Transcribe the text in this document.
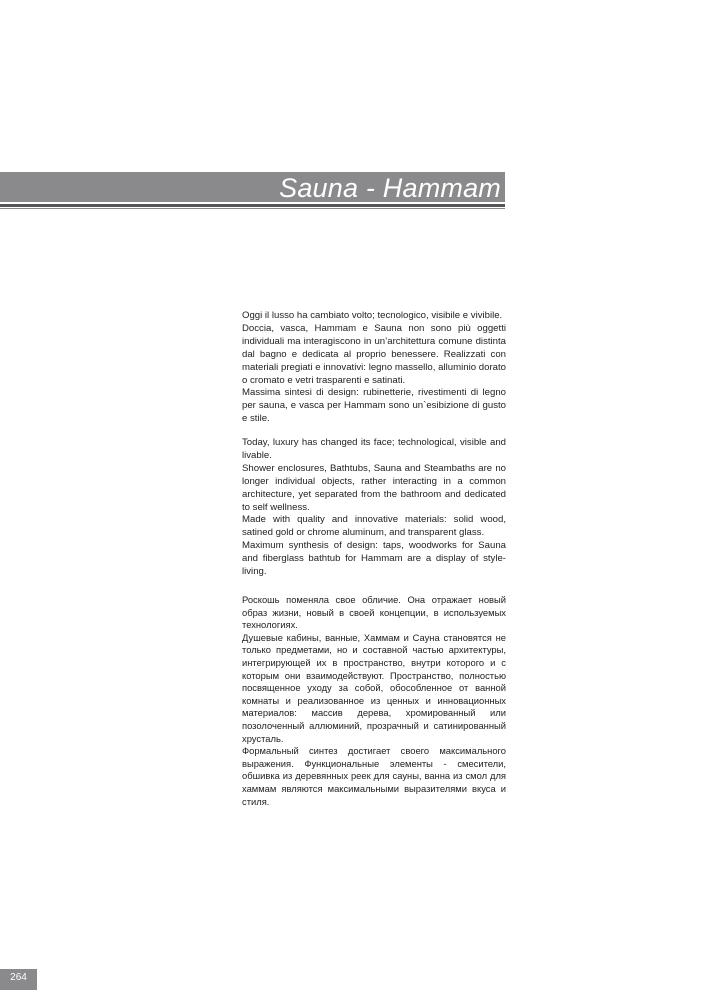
Sauna - Hammam

Oggi il lusso ha cambiato volto; tecnologico, visibile e vivibile.

Doccia, vasca, Hammam e Sauna non sono più oggetti individuali ma interagiscono in un’architettura comune distinta dal bagno e dedicata al proprio benessere. Realizzati con materiali pregiati e innovativi: legno massello, alluminio dorato o cromato e vetri trasparenti e satinati.

Massima sintesi di design: rubinetterie, rivestimenti di legno per sauna, e vasca per Hammam sono un`esibizione di gusto e stile.

Today, luxury has changed its face; technological, visible and livable.

Shower enclosures, Bathtubs, Sauna and Steambaths are no longer individual objects, rather interacting in a common architecture, yet separated from the bathroom and dedicated to self wellness.

Made with quality and innovative materials: solid wood, satined gold or chrome aluminum, and transparent glass.

Maximum synthesis of design: taps, woodworks for Sauna and fiberglass bathtub for Hammam are a display of style-living.

Роскошь поменяла свое обличие. Она отражает новый образ жизни, новый в своей концепции, в используемых технологиях.

Душевые кабины, ванные, Хаммам и Сауна становятся не только предметами, но и составной частью архитектуры, интегрирующей их в пространство, внутри которого и с которым они взаимодействуют. Пространство, полностью посвященное уходу за собой, обособленное от ванной комнаты и реализованное из ценных и инновационных материалов: массив дерева, хромированный или позолоченный аллюминий, прозрачный и сатинированный хрусталь.

Формальный синтез достигает своего максимального выражения. Функциональные элементы - смесители, обшивка из деревянных реек для сауны, ванна из смол для хаммам являются максимальными выразителями вкуса и стиля.

264
